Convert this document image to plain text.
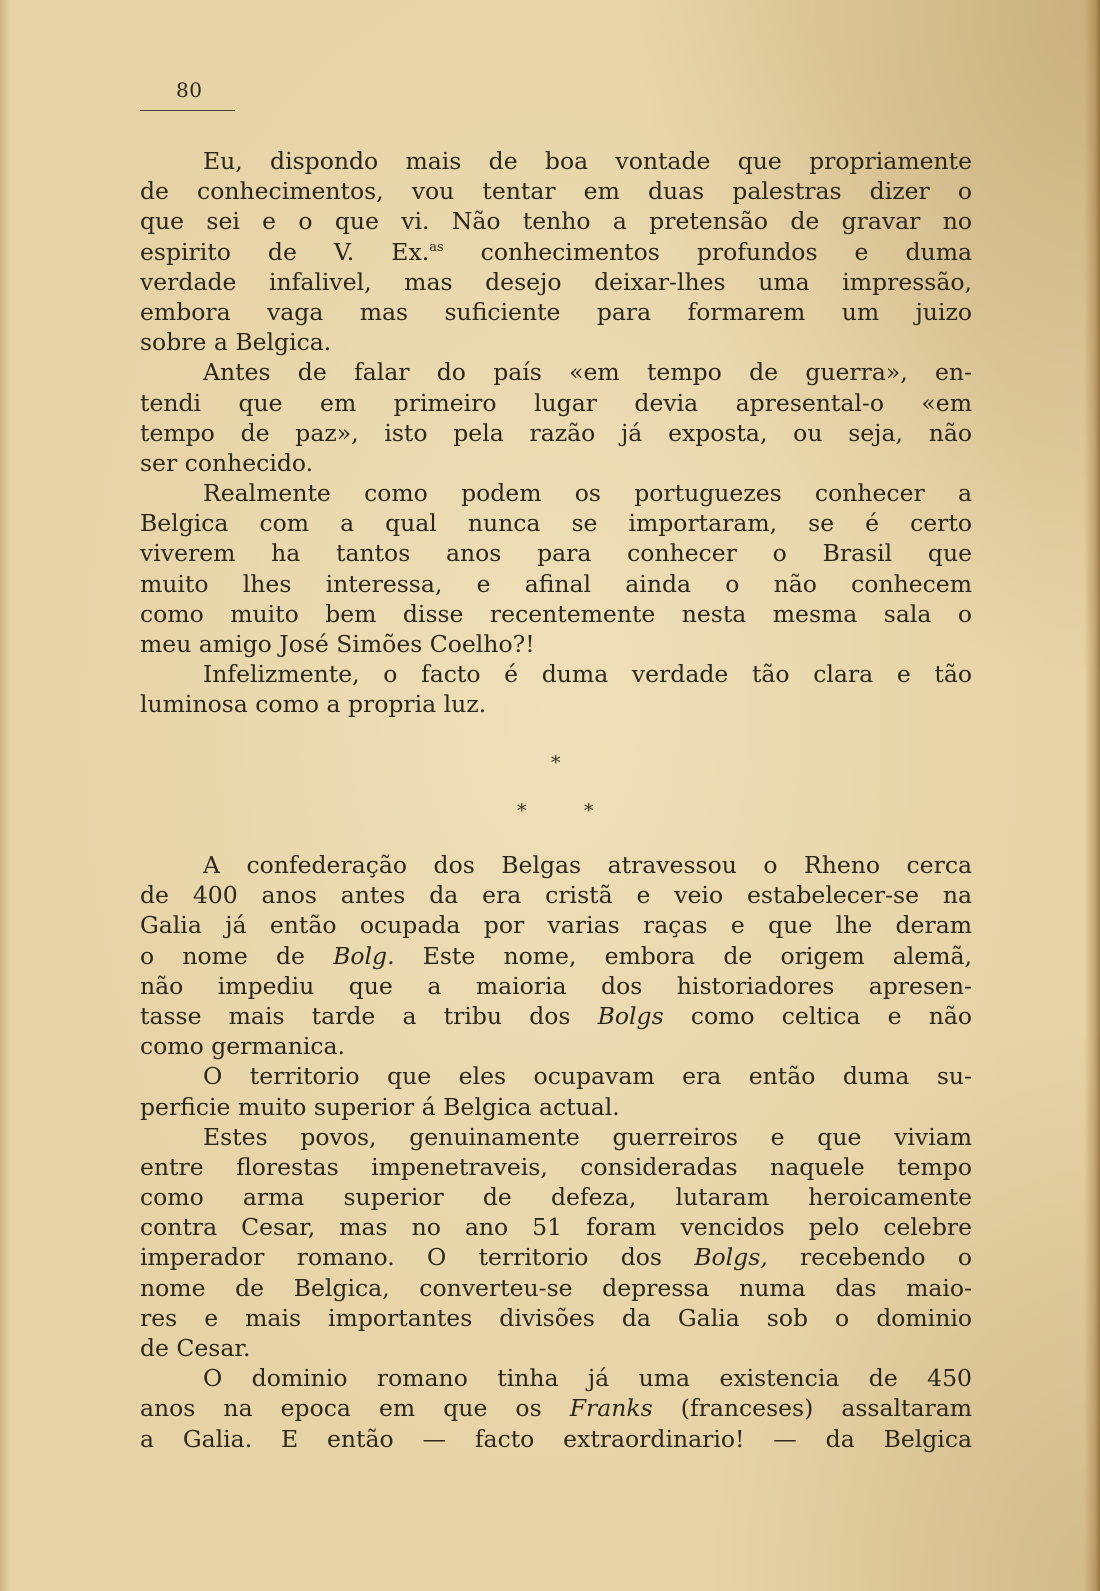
80
Eu, dispondo mais de boa vontade que propriamente
de conhecimentos, vou tentar em duas palestras dizer o
que sei e o que vi. Não tenho a pretensão de gravar no
espirito de V. Ex.$^{as}$ conhecimentos profundos e duma
verdade infalivel, mas desejo deixar-lhes uma impressão,
embora vaga mas suficiente para formarem um juizo
sobre a Belgica.
Antes de falar do país «em tempo de guerra», en-
tendi que em primeiro lugar devia apresental-o «em
tempo de paz», isto pela razão já exposta, ou seja, não
ser conhecido.
Realmente como podem os portuguezes conhecer a
Belgica com a qual nunca se importaram, se é certo
viverem ha tantos anos para conhecer o Brasil que
muito lhes interessa, e afinal ainda o não conhecem
como muito bem disse recentemente nesta mesma sala o
meu amigo José Simões Coelho?!
Infelizmente, o facto é duma verdade tão clara e tão
luminosa como a propria luz.
*
*	*
A confederação dos Belgas atravessou o Rheno cerca
de 400 anos antes da era cristã e veio estabelecer-se na
Galia já então ocupada por varias raças e que lhe deram
o nome de Bolg. Este nome, embora de origem alemã,
não impediu que a maioria dos historiadores apresen-
tasse mais tarde a tribu dos Bolgs como celtica e não
como germanica.
O territorio que eles ocupavam era então duma su-
perficie muito superior á Belgica actual.
Estes povos, genuinamente guerreiros e que viviam
entre florestas impenetraveis, consideradas naquele tempo
como arma superior de defeza, lutaram heroicamente
contra Cesar, mas no ano 51 foram vencidos pelo celebre
imperador romano. O territorio dos Bolgs, recebendo o
nome de Belgica, converteu-se depressa numa das maio-
res e mais importantes divisões da Galia sob o dominio
de Cesar.
O dominio romano tinha já uma existencia de 450
anos na epoca em que os Franks (franceses) assaltaram
a Galia. E então — facto extraordinario! — da Belgica
